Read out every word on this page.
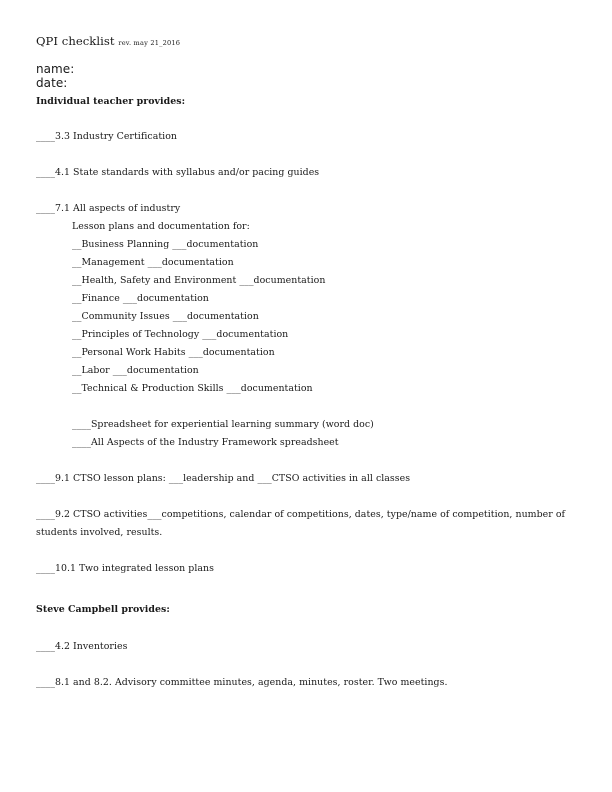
QPI checklist rev. may 21_2016
name:
date:
Individual teacher provides:
____3.3 Industry Certification
____4.1 State standards with syllabus and/or pacing guides
____7.1 All aspects of industry
Lesson plans and documentation for:
__Business Planning ___documentation
__Management ___documentation
__Health, Safety and Environment ___documentation
__Finance ___documentation
__Community Issues ___documentation
__Principles of Technology ___documentation
__Personal Work Habits ___documentation
__Labor ___documentation
__Technical & Production Skills ___documentation
____Spreadsheet for experiential learning summary (word doc)
____All Aspects of the Industry Framework spreadsheet
____9.1 CTSO lesson plans: ___leadership and ___CTSO activities in all classes
____9.2 CTSO activities___competitions, calendar of competitions, dates, type/name of competition, number of students involved, results.
____10.1 Two integrated lesson plans
Steve Campbell provides:
____4.2 Inventories
____8.1 and 8.2. Advisory committee minutes, agenda, minutes, roster. Two meetings.
